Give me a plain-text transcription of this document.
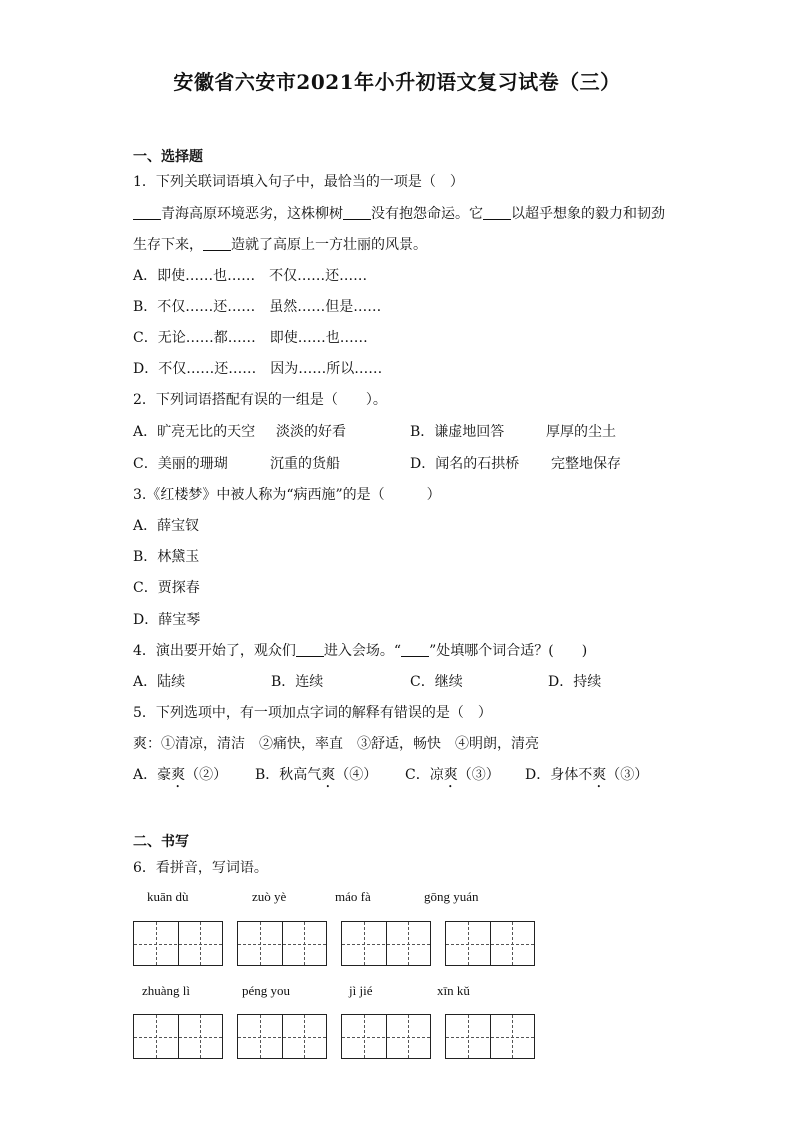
安徽省六安市2021年小升初语文复习试卷（三）
一、选择题
1．下列关联词语填入句子中，最恰当的一项是（　）
青海高原环境恶劣，这株柳树 没有抱怨命运。它 以超乎想象的毅力和韧劲
生存下来， 造就了高原上一方壮丽的风景。
A．即使……也……　不仅……还……
B．不仅……还……　虽然……但是……
C．无论……都……　即使……也……
D．不仅……还……　因为……所以……
2．下列词语搭配有误的一组是（　　）。
A．旷亮无比的天空 淡淡的好看	B．谦虚地回答	厚厚的尘土
C．美丽的珊瑚	沉重的货船	D．闻名的石拱桥 完整地保存
3.《红楼梦》中被人称为“病西施”的是（　　　）
A．薛宝钗
B．林黛玉
C．贾探春
D．薛宝琴
4．演出要开始了，观众们 进入会场。“ ”处填哪个词合适？(　　)
A．陆续	B．连续	C．继续	D．持续
5．下列选项中，有一项加点字词的解释有错误的是（　）
爽：①清凉，清洁　②痛快，率直　③舒适，畅快　④明朗，清亮
A．豪爽（②） B．秋高气爽（④） C．凉爽（③） D．身体不爽（③）
二、书写
6．看拼音，写词语。
kuān dù	zuò yè	máo fà	gōng yuán
zhuàng lì	péng you	jì jié	xīn kǔ
